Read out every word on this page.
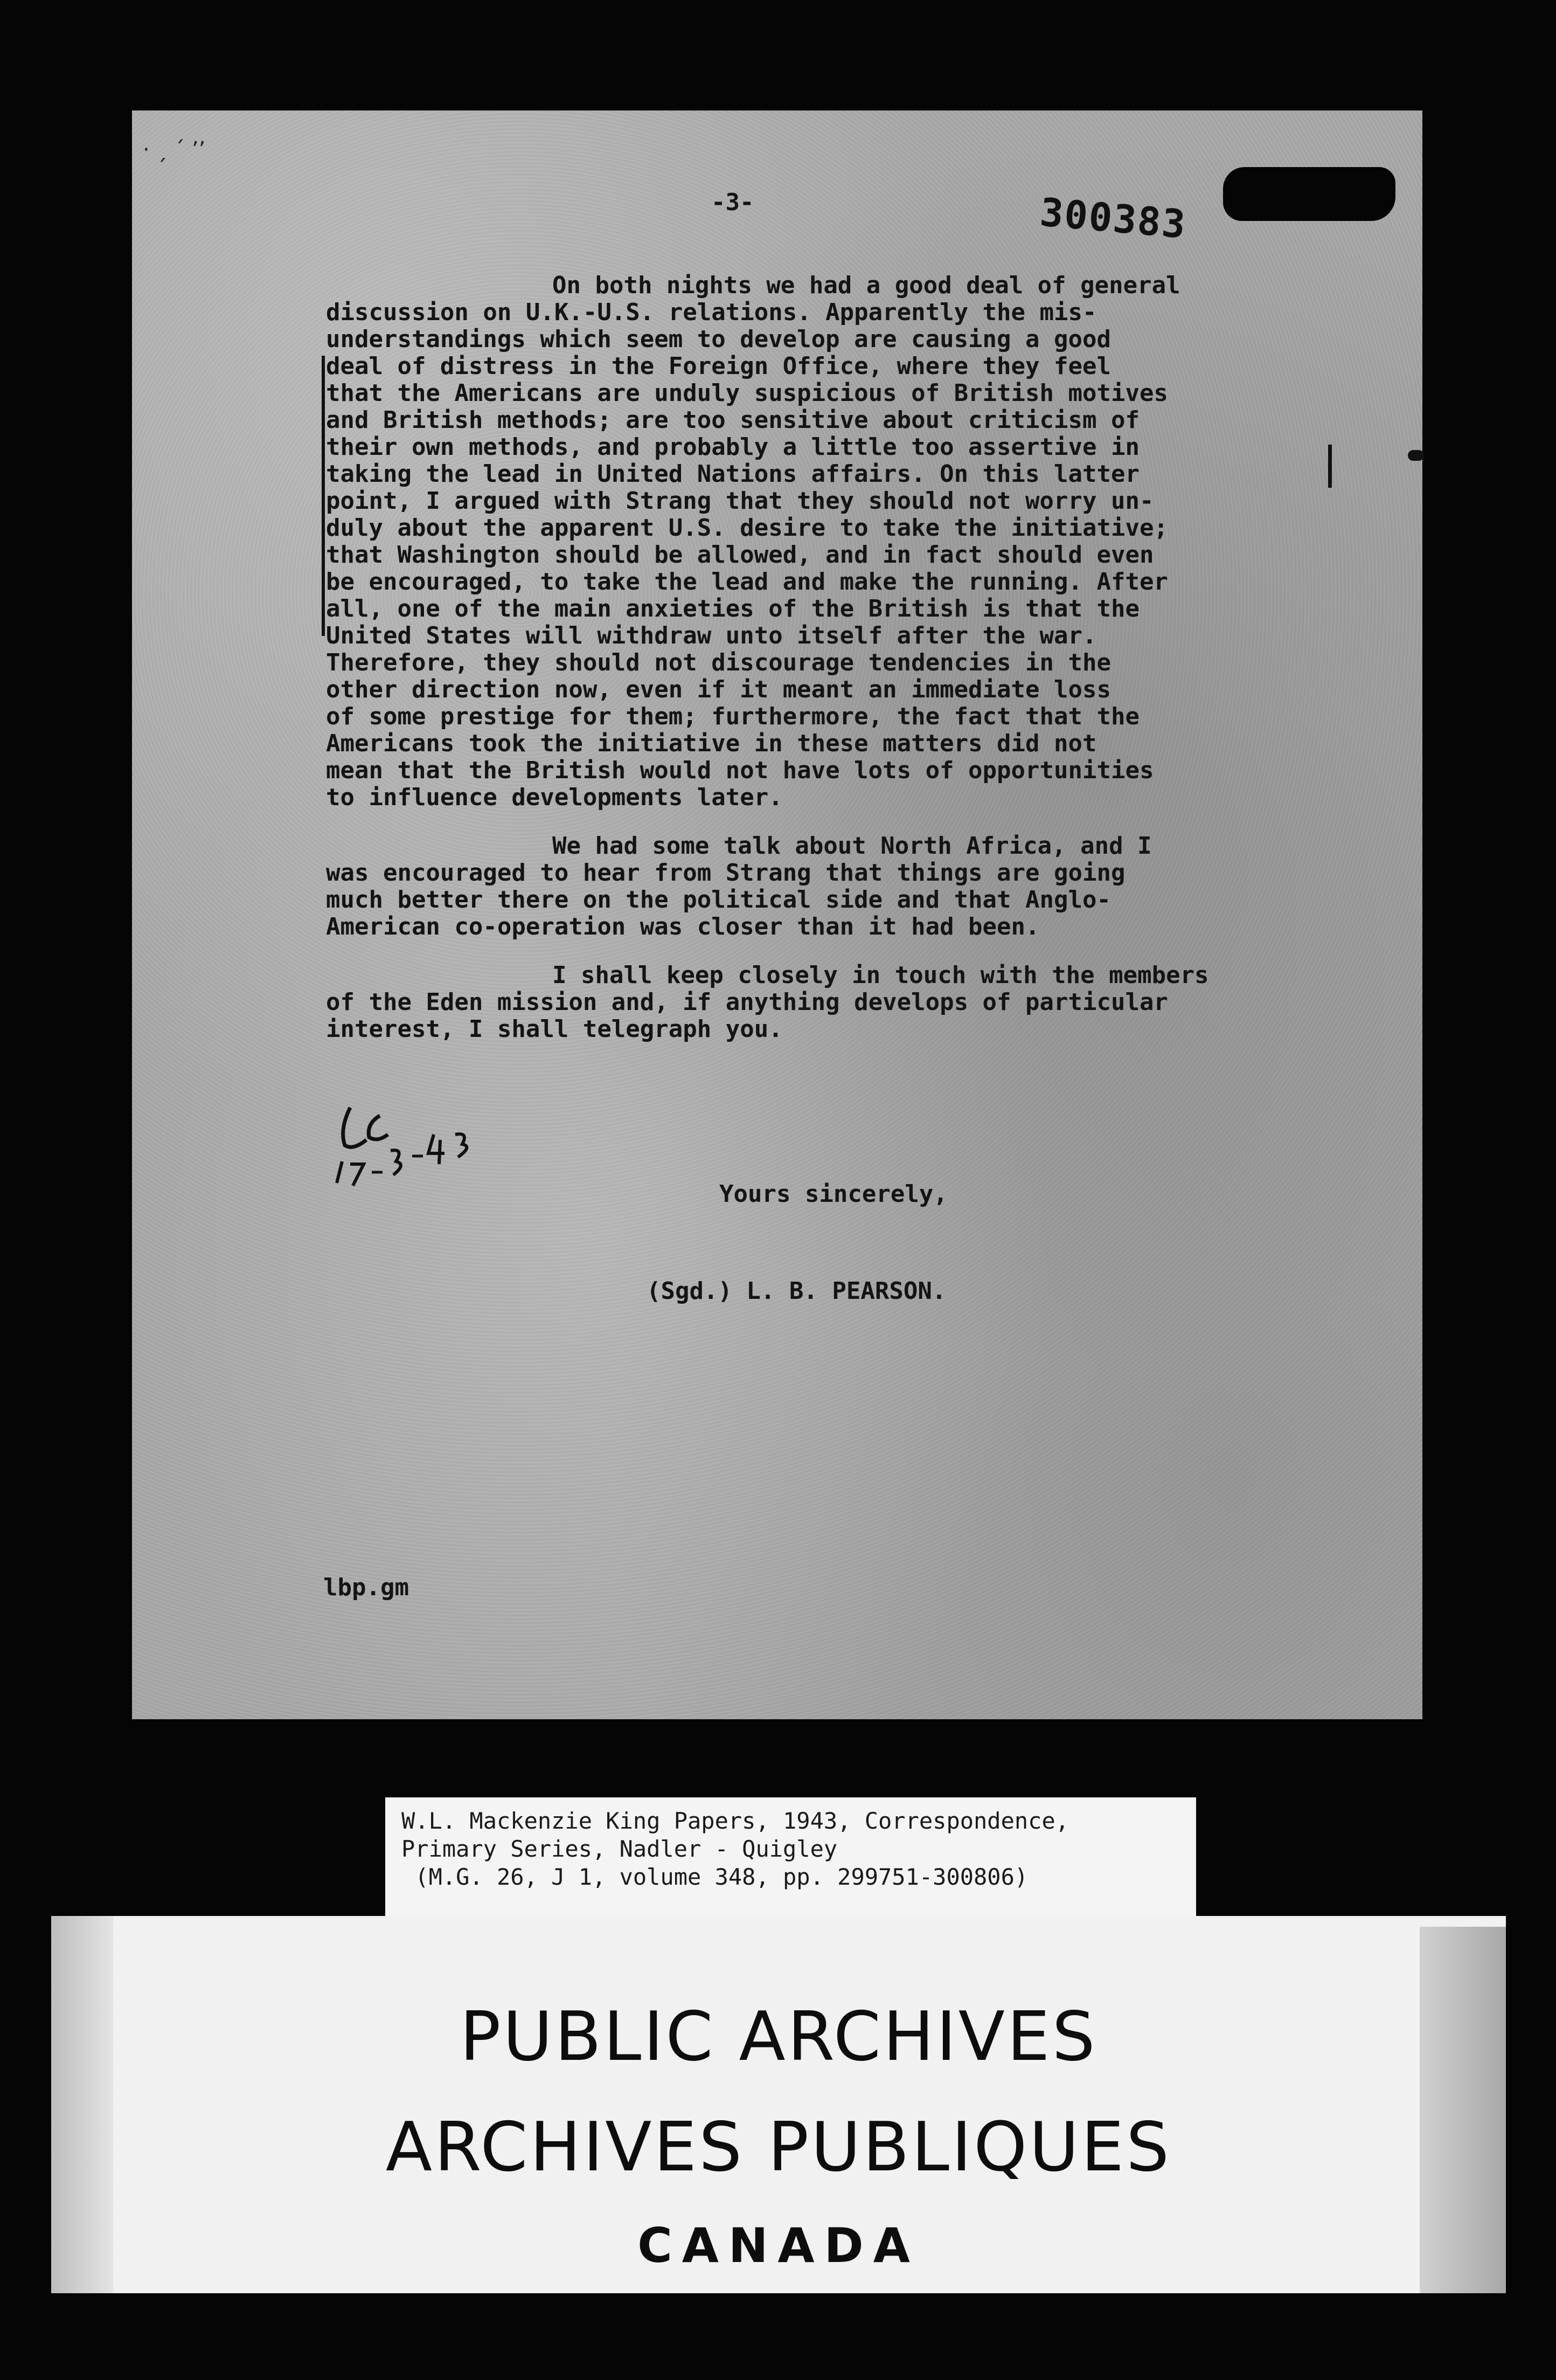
· ˏ ˊ ʼʼ
-3-	300383

On both nights we had a good deal of general
discussion on U.K.-U.S. relations. Apparently the mis-
understandings which seem to develop are causing a good
deal of distress in the Foreign Office, where they feel
that the Americans are unduly suspicious of British motives
and British methods; are too sensitive about criticism of
their own methods, and probably a little too assertive in
taking the lead in United Nations affairs. On this latter
point, I argued with Strang that they should not worry un-
duly about the apparent U.S. desire to take the initiative;
that Washington should be allowed, and in fact should even
be encouraged, to take the lead and make the running. After
all, one of the main anxieties of the British is that the
United States will withdraw unto itself after the war.
Therefore, they should not discourage tendencies in the
other direction now, even if it meant an immediate loss
of some prestige for them; furthermore, the fact that the
Americans took the initiative in these matters did not
mean that the British would not have lots of opportunities
to influence developments later.

We had some talk about North Africa, and I
was encouraged to hear from Strang that things are going
much better there on the political side and that Anglo-
American co-operation was closer than it had been.

I shall keep closely in touch with the members
of the Eden mission and, if anything develops of particular
interest, I shall telegraph you.

Yours sincerely,
(Sgd.) L. B. PEARSON.
lbp.gm
W.L. Mackenzie King Papers, 1943, Correspondence,
Primary Series, Nadler - Quigley
(M.G. 26, J 1, volume 348, pp. 299751-300806)
PUBLIC ARCHIVES
ARCHIVES PUBLIQUES
CANADA
